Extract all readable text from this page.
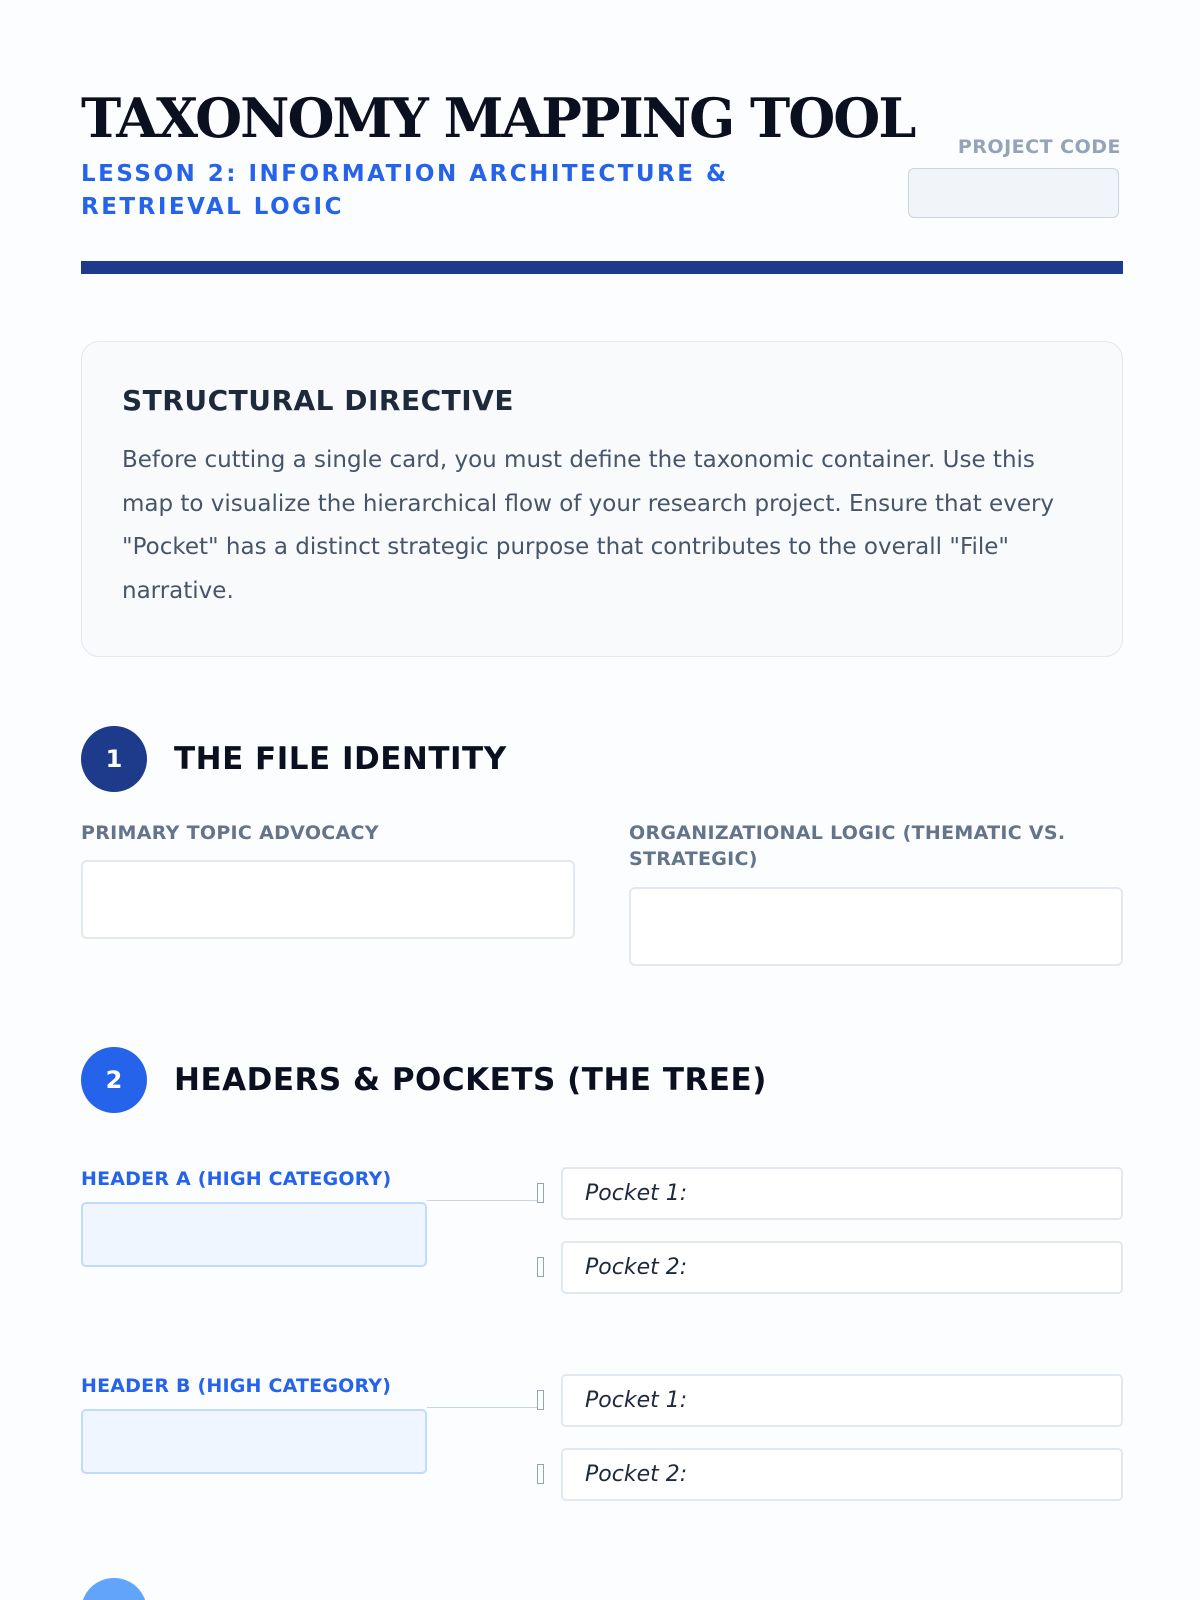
TAXONOMY MAPPING TOOL
LESSON 2: INFORMATION ARCHITECTURE & RETRIEVAL LOGIC
PROJECT CODE
STRUCTURAL DIRECTIVE
Before cutting a single card, you must define the taxonomic container. Use this map to visualize the hierarchical flow of your research project. Ensure that every "Pocket" has a distinct strategic purpose that contributes to the overall "File" narrative.
1	THE FILE IDENTITY
PRIMARY TOPIC ADVOCACY	ORGANIZATIONAL LOGIC (THEMATIC VS. STRATEGIC)
2	HEADERS & POCKETS (THE TREE)
HEADER A (HIGH CATEGORY)
Pocket 1:
Pocket 2:
HEADER B (HIGH CATEGORY)
Pocket 1:
Pocket 2:
